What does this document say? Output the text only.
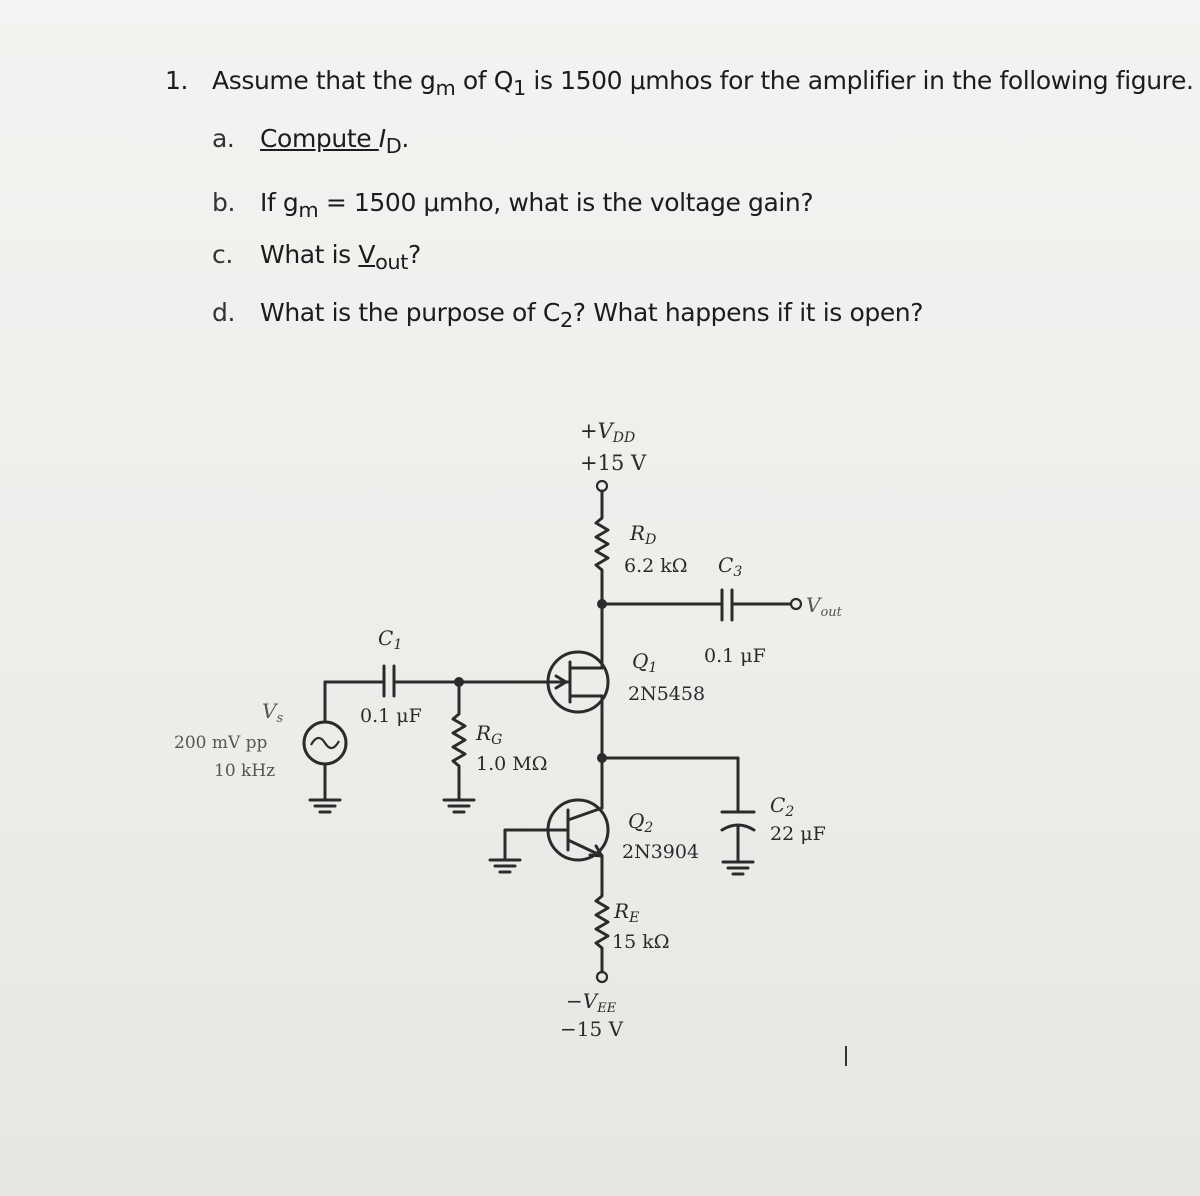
1. Assume that the $g_m$ of $Q_1$ is 1500 μmhos for the amplifier in the following figure.
a. Compute $I_D$.
b. If $g_m = 1500$ μmho, what is the voltage gain?
c. What is $V_{out}$?
d. What is the purpose of $C_2$? What happens if it is open?
+VDD
+15 V
$R_D$
6.2 kΩ $C_3$
0.1 μF
$V_{out}$
$Q_1$
2N5458
$C_1$
0.1 μF
$V_s$
200 mV pp
10 kHz
$R_G$
1.0 MΩ
$Q_2$
2N3904
$C_2$
22 μF
$R_E$
15 kΩ
$-V_{EE}$
−15 V
